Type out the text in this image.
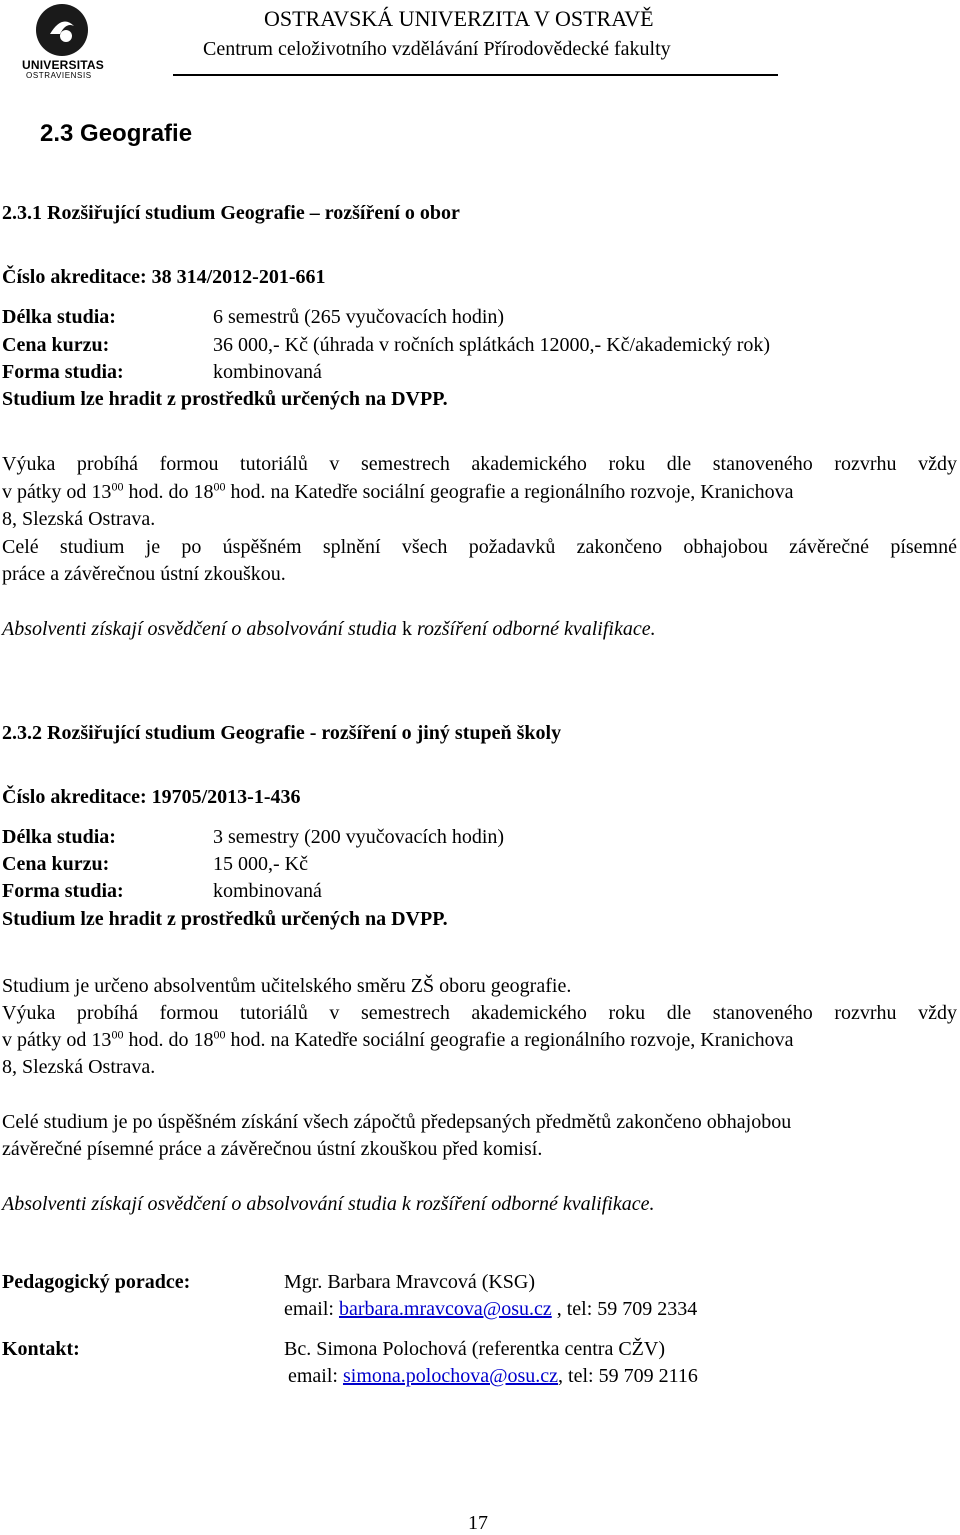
UNIVERSITAS
OSTRAVIENSIS
OSTRAVSKÁ UNIVERZITA V OSTRAVĚ
Centrum celoživotního vzdělávání Přírodovědecké fakulty
2.3 Geografie
2.3.1 Rozšiřující studium Geografie – rozšíření o obor
Číslo akreditace: 38 314/2012-201-661
Délka studia:	6 semestrů (265 vyučovacích hodin)
Cena kurzu:	36 000,- Kč (úhrada v ročních splátkách 12000,- Kč/akademický rok)
Forma studia:	kombinovaná
Studium lze hradit z prostředků určených na DVPP.
Výuka probíhá formou tutoriálů v semestrech akademického roku dle stanoveného rozvrhu vždy
v pátky od $13^{00}$ hod. do $18^{00}$ hod. na Katedře sociální geografie a regionálního rozvoje, Kranichova
8, Slezská Ostrava.
Celé studium je po úspěšném splnění všech požadavků zakončeno obhajobou závěrečné písemné
práce a závěrečnou ústní zkouškou.
Absolventi získají osvědčení o absolvování studia k rozšíření odborné kvalifikace.
2.3.2 Rozšiřující studium Geografie - rozšíření o jiný stupeň školy
Číslo akreditace: 19705/2013-1-436
Délka studia:	3 semestry (200 vyučovacích hodin)
Cena kurzu:	15 000,- Kč
Forma studia:	kombinovaná
Studium lze hradit z prostředků určených na DVPP.
Studium je určeno absolventům učitelského směru ZŠ oboru geografie.
Výuka probíhá formou tutoriálů v semestrech akademického roku dle stanoveného rozvrhu vždy
v pátky od $13^{00}$ hod. do $18^{00}$ hod. na Katedře sociální geografie a regionálního rozvoje, Kranichova
8, Slezská Ostrava.
Celé studium je po úspěšném získání všech zápočtů předepsaných předmětů zakončeno obhajobou
závěrečné písemné práce a závěrečnou ústní zkouškou před komisí.
Absolventi získají osvědčení o absolvování studia k rozšíření odborné kvalifikace.
Pedagogický poradce:	Mgr. Barbara Mravcová (KSG)
email: barbara.mravcova@osu.cz , tel: 59 709 2334
Kontakt:	Bc. Simona Polochová (referentka centra CŽV)
email: simona.polochova@osu.cz, tel: 59 709 2116
17
